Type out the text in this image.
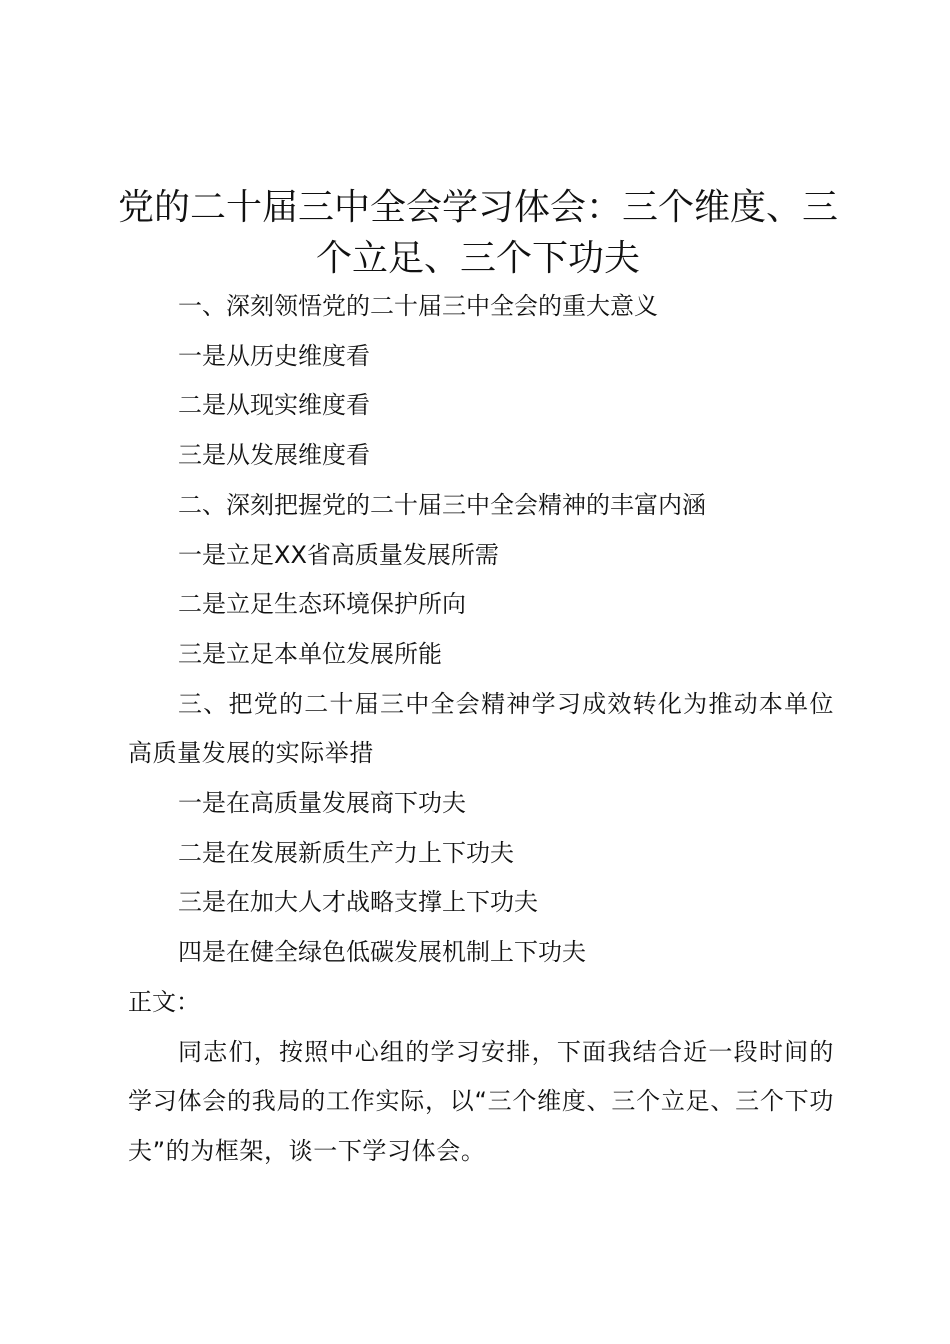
党的二十届三中全会学习体会：三个维度、三个立足、三个下功夫

一、深刻领悟党的二十届三中全会的重大意义

一是从历史维度看

二是从现实维度看

三是从发展维度看

二、深刻把握党的二十届三中全会精神的丰富内涵

一是立足XX省高质量发展所需

二是立足生态环境保护所向

三是立足本单位发展所能

三、把党的二十届三中全会精神学习成效转化为推动本单位高质量发展的实际举措

一是在高质量发展商下功夫

二是在发展新质生产力上下功夫

三是在加大人才战略支撑上下功夫

四是在健全绿色低碳发展机制上下功夫

正文：

同志们，按照中心组的学习安排，下面我结合近一段时间的学习体会的我局的工作实际，以“三个维度、三个立足、三个下功夫”的为框架，谈一下学习体会。
